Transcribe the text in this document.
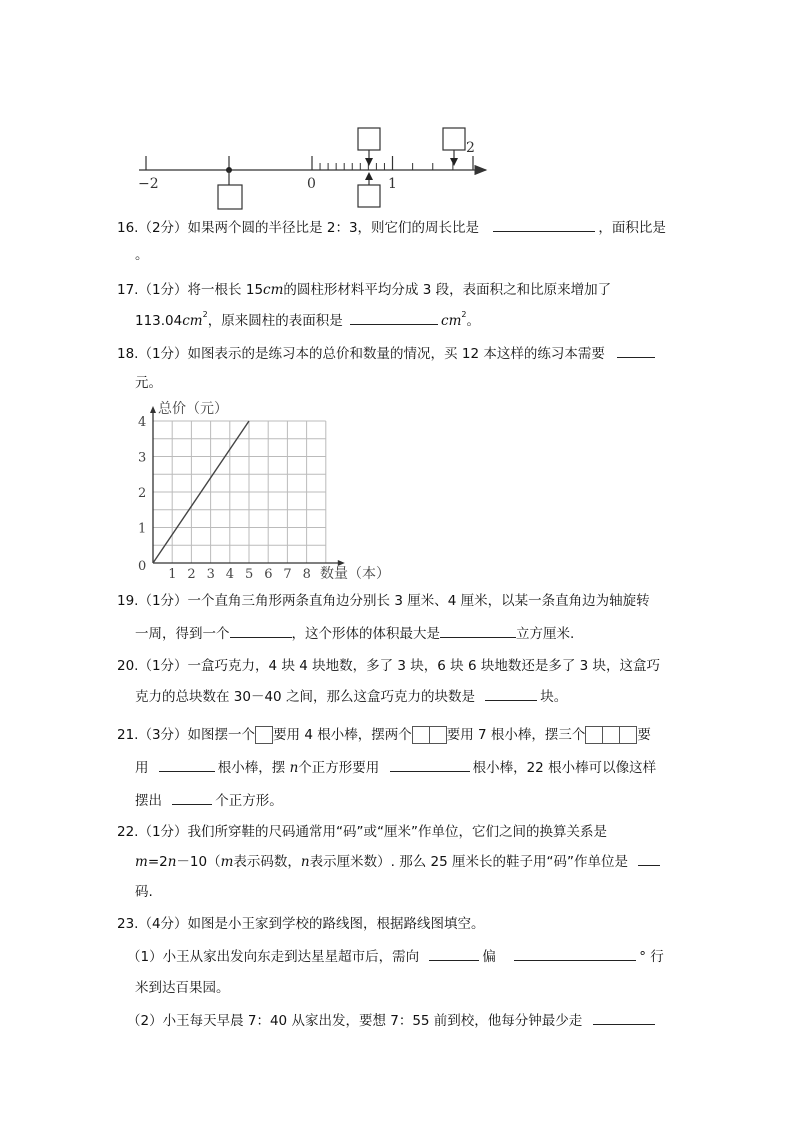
−2	0	1
2
16.（2分）如果两个圆的半径比是 2：3，则它们的周长比是	，面积比是
。
17.（1分）将一根长 15cm的圆柱形材料平均分成 3 段，表面积之和比原来增加了
$113.04cm^2$，原来圆柱的表面积是	$cm^2$。
18.（1分）如图表示的是练习本的总价和数量的情况，买 12 本这样的练习本需要
元。
1 2 3 4 5 6 7 8
0
1
2
3
4
总价（元）
数量（本）
19.（1分）一个直角三角形两条直角边分别长 3 厘米、4 厘米，以某一条直角边为轴旋转
一周，得到一个	，这个形体的体积最大是	立方厘米.
20.（1分）一盒巧克力，4 块 4 块地数，多了 3 块，6 块 6 块地数还是多了 3 块，这盒巧
克力的总块数在 30－40 之间，那么这盒巧克力的块数是	块。
21.（3分）如图摆一个 要用 4 根小棒，摆两个	要用 7 根小棒，摆三个	要
用	根小棒，摆 n个正方形要用	根小棒，22 根小棒可以像这样
摆出	个正方形。
22.（1分）我们所穿鞋的尺码通常用“码”或“厘米”作单位，它们之间的换算关系是
m=2n－10（m表示码数，n表示厘米数）. 那么 25 厘米长的鞋子用“码”作单位是
码.
23.（4分）如图是小王家到学校的路线图，根据路线图填空。
（1）小王从家出发向东走到达星星超市后，需向	偏	° 行
米到达百果园。
（2）小王每天早晨 7：40 从家出发，要想 7：55 前到校，他每分钟最少走
